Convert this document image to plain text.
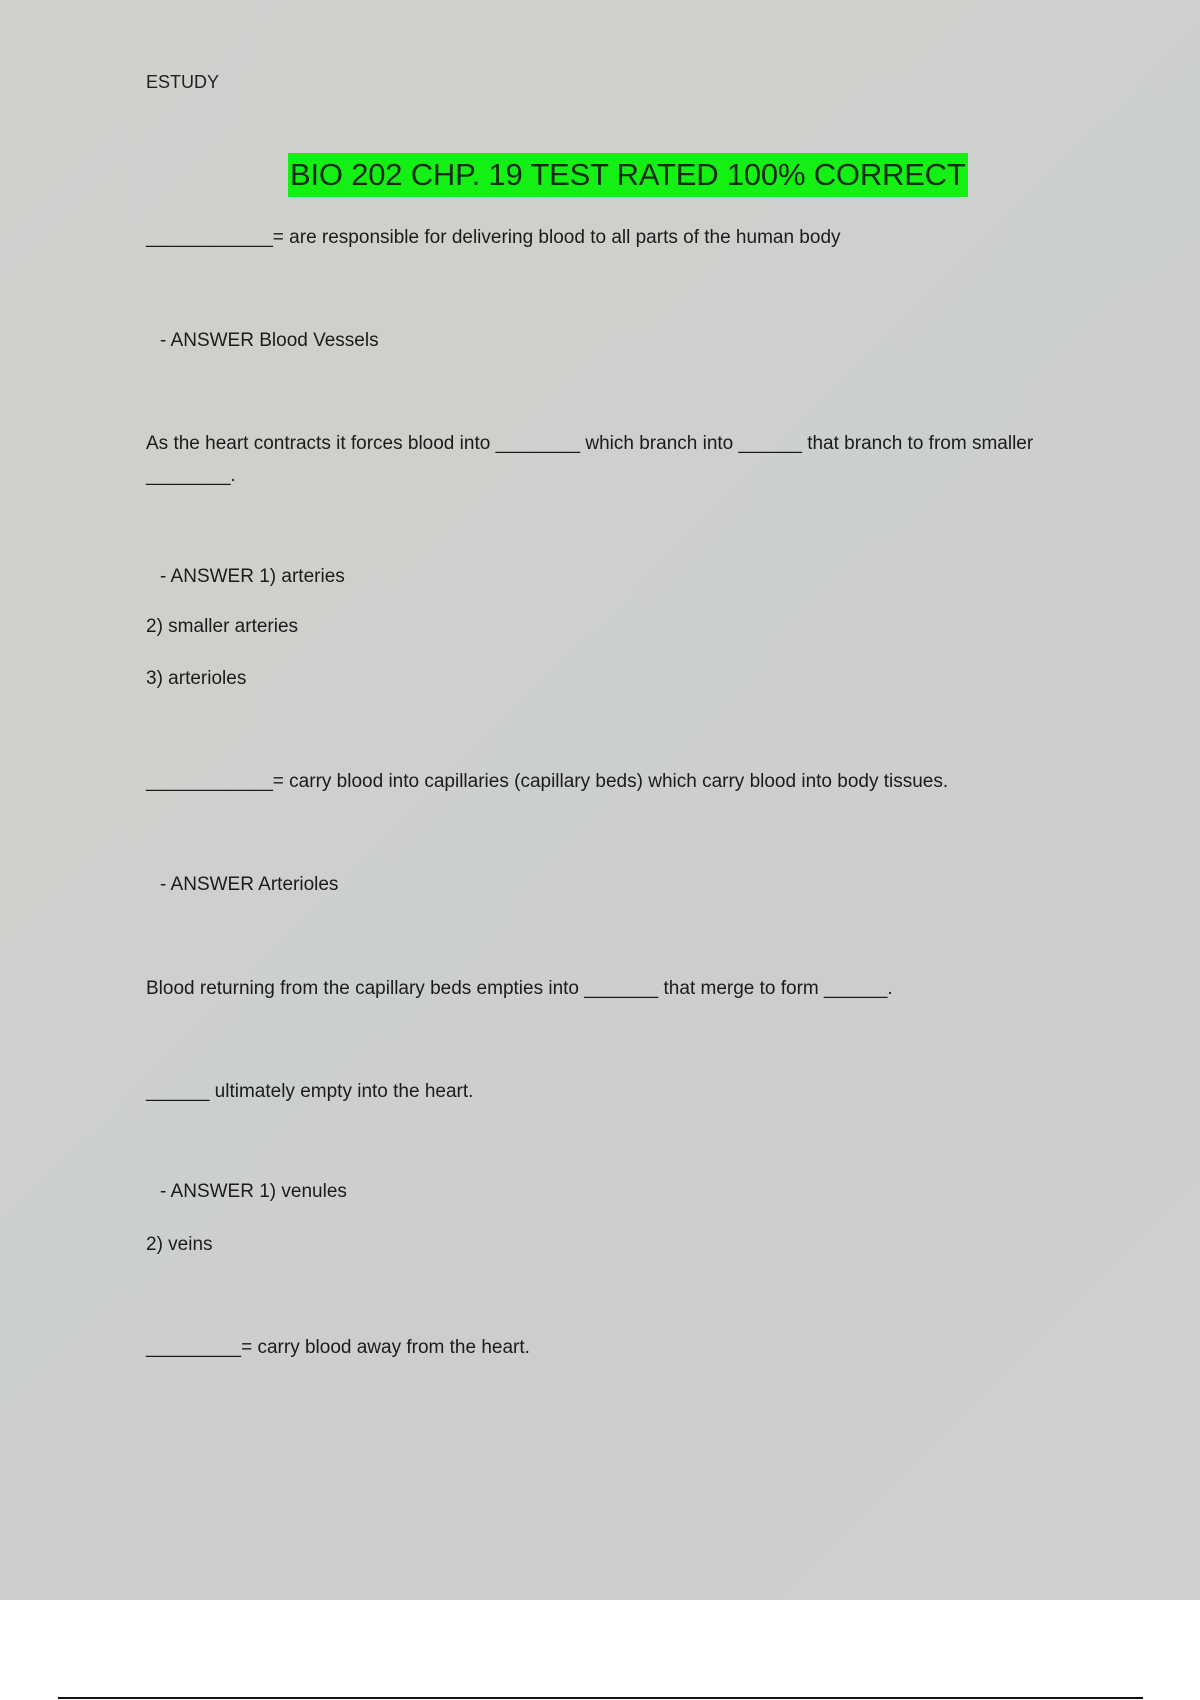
ESTUDY
BIO 202 CHP. 19 TEST RATED 100% CORRECT
____________= are responsible for delivering blood to all parts of the human body
- ANSWER Blood Vessels
As the heart contracts it forces blood into ________ which branch into ______ that branch to from smaller
________.
- ANSWER 1) arteries
2) smaller arteries
3) arterioles
____________= carry blood into capillaries (capillary beds) which carry blood into body tissues.
- ANSWER Arterioles
Blood returning from the capillary beds empties into _______ that merge to form ______.
______ ultimately empty into the heart.
- ANSWER 1) venules
2) veins
_________= carry blood away from the heart.
